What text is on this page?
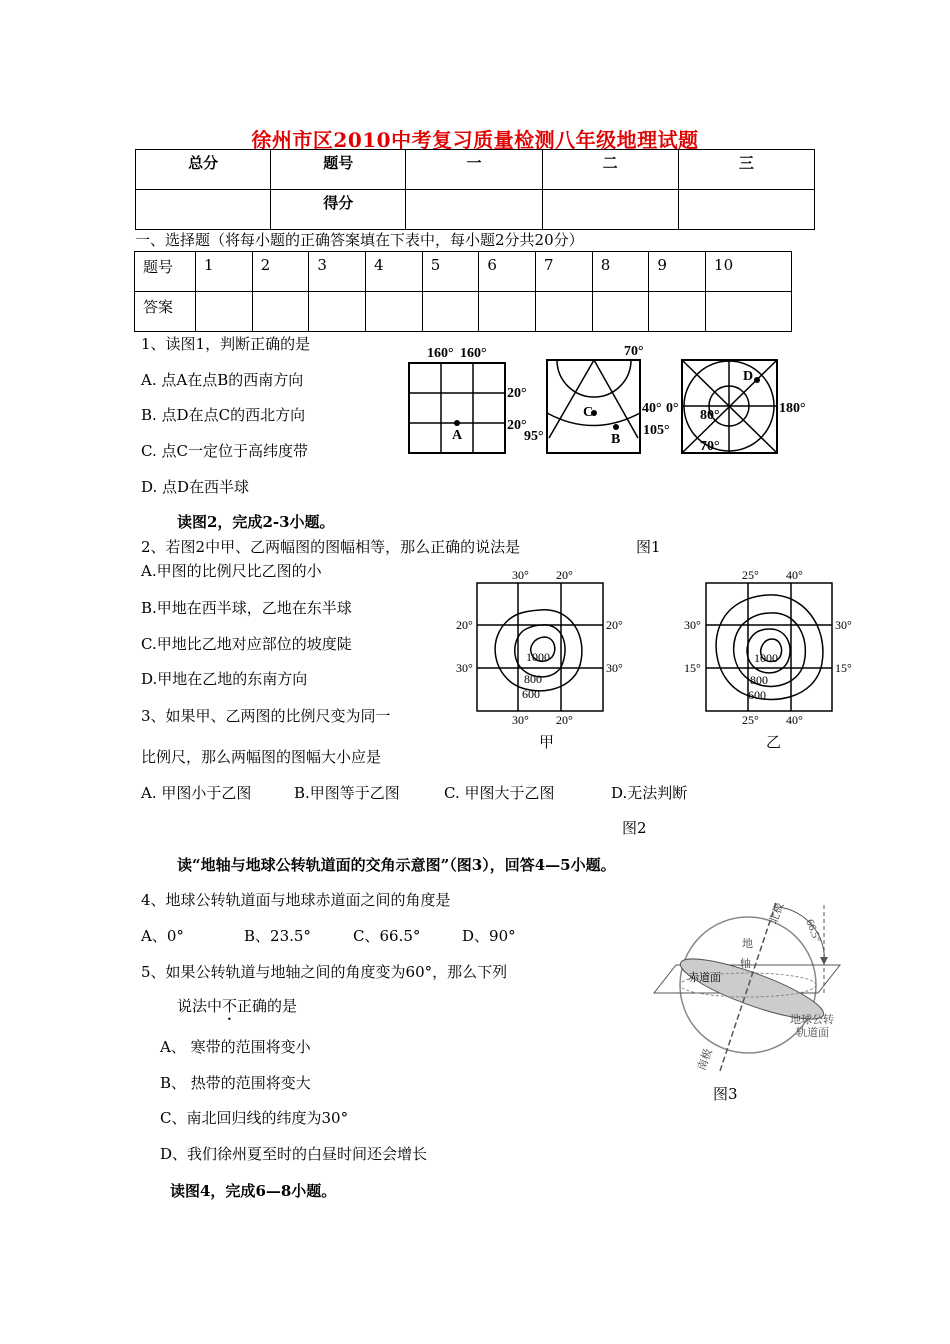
徐州市区2010中考复习质量检测八年级地理试题
总分	题号	一	二	三
	得分			
一、选择题（将每小题的正确答案填在下表中，每小题2分共20分）
题号	1	2	3	4	5	6	7	8	9	10
答案										
1、读图1，判断正确的是
A. 点A在点B的西南方向
B. 点D在点C的西北方向
C. 点C一定位于高纬度带
D. 点D在西半球
160° 160°
20°
20°
A
70°
C
B
95°	105°
40° 0° 80°
D
180°
70°
读图2，完成2-3小题。
2、若图2中甲、乙两幅图的图幅相等，那么正确的说法是	图1
A.甲图的比例尺比乙图的小
B.甲地在西半球，乙地在东半球
C.甲地比乙地对应部位的坡度陡
D.甲地在乙地的东南方向
3、如果甲、乙两图的比例尺变为同一
比例尺，那么两幅图的图幅大小应是
A. 甲图小于乙图	B.甲图等于乙图	C. 甲图大于乙图	D.无法判断
30° 20°
30° 20°
20°
30°
20°
30°
1000
800
600
甲
25° 40°
25° 40°
30°
15°
30°
15°
1000
800
600
乙
图2
读“地轴与地球公转轨道面的交角示意图”（图3），回答4—5小题。
4、地球公转轨道面与地球赤道面之间的角度是
A、0°	B、23.5°	C、66.5°	D、90°
5、如果公转轨道与地轴之间的角度变为60°，那么下列
说法中不正确的是
A、 寒带的范围将变小
B、 热带的范围将变大
C、南北回归线的纬度为30°
D、我们徐州夏至时的白昼时间还会增长
北极
地
轴
66.5°
赤道面
地球公转
轨道面
南极
图3
读图4，完成6—8小题。
